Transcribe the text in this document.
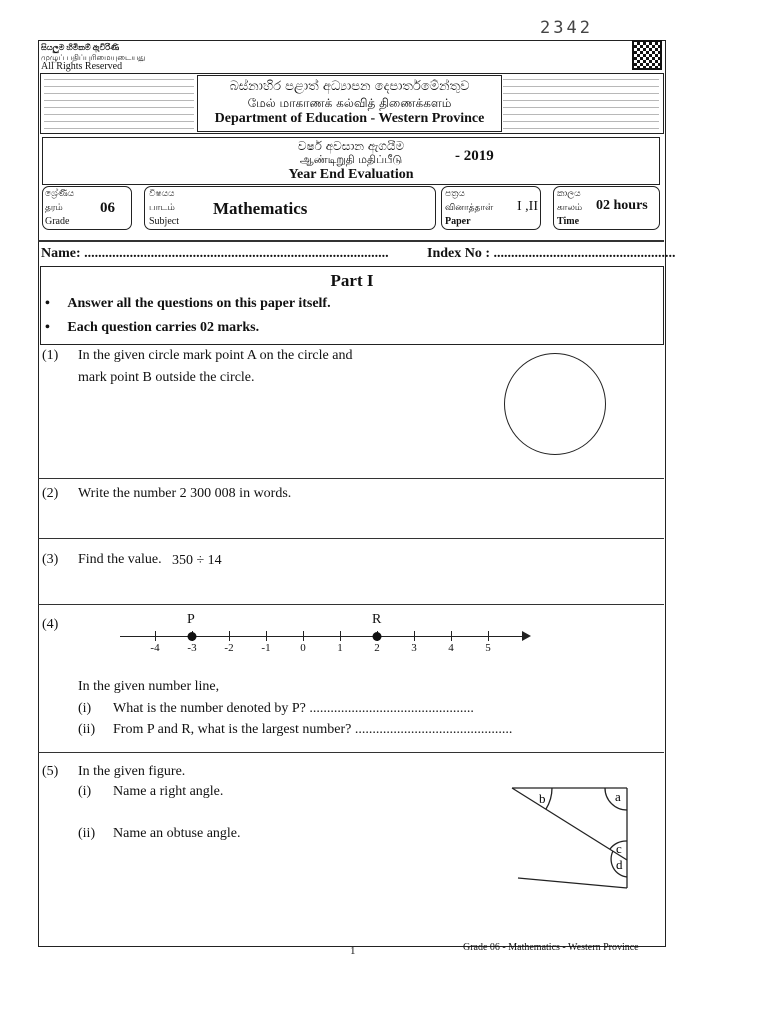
2342
සියලුම හිමිකම් ඇවිරිණි
முழுப் பதிப்புரிமையுடையது
All Rights Reserved
බස්නාහිර පළාත් අධ්‍යාපන දෙපාර්තමේන්තුව
மேல் மாகாணக் கல்வித் திணைக்களம்
Department of Education - Western Province
වර්ෂ අවසාන ඇගයීම
ஆண்டிறுதி மதிப்பீடு
Year End Evaluation
- 2019
ශ්‍රේණිය
தரம்
Grade
06
විෂයය
பாடம்
Subject
Mathematics
පත්‍රය
வினாத்தாள்
Paper
I ,II
කාලය
காலம்
Time
02 hours
Name: .......................................................................................	Index No : ....................................................
Part I
•     Answer all the questions on this paper itself.
•     Each question carries 02 marks.
(1) In the given circle mark point A on the circle and
mark point B outside the circle.
(2) Write the number 2 300 008 in words.
(3) Find the value. 350 ÷ 14
(4)
-4	-3	-2	-1	0	1	2	3	4	5
P	R
In the given number line,
(i) What is the number denoted by P? ...............................................
(ii) From P and R, what is the largest number? .............................................
(5) In the given figure.
(i) Name a right angle.
(ii) Name an obtuse angle.
b	a
c
d
1	Grade 06 - Mathematics - Western Province
